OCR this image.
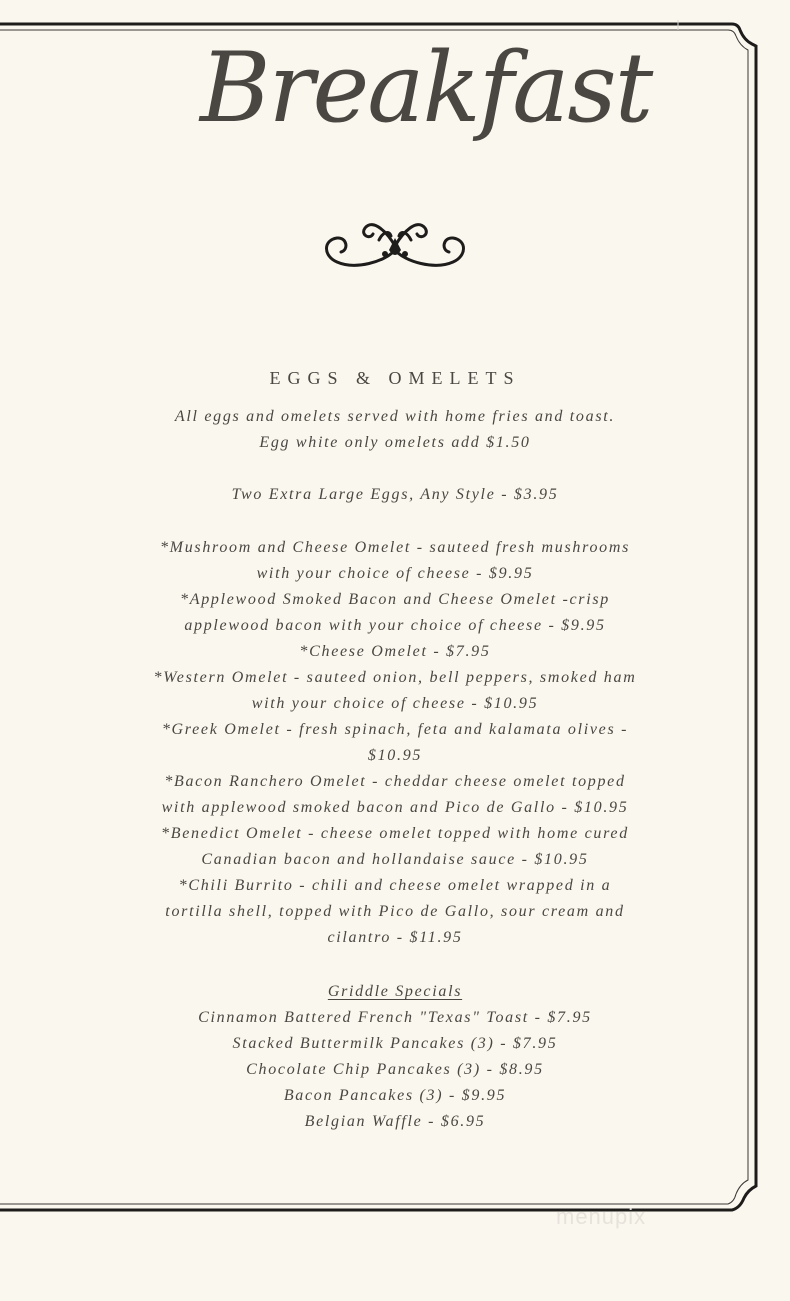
Breakfast
EGGS & OMELETS

All eggs and omelets served with home fries and toast.

Egg white only omelets add $1.50

Two Extra Large Eggs, Any Style - $3.95

*Mushroom and Cheese Omelet - sauteed fresh mushrooms

with your choice of cheese - $9.95

*Applewood Smoked Bacon and Cheese Omelet -crisp

applewood bacon with your choice of cheese - $9.95

*Cheese Omelet - $7.95

*Western Omelet - sauteed onion, bell peppers, smoked ham

with your choice of cheese - $10.95

*Greek Omelet - fresh spinach, feta and kalamata olives -

$10.95

*Bacon Ranchero Omelet - cheddar cheese omelet topped

with applewood smoked bacon and Pico de Gallo - $10.95

*Benedict Omelet - cheese omelet topped with home cured

Canadian bacon and hollandaise sauce - $10.95

*Chili Burrito - chili and cheese omelet wrapped in a

tortilla shell, topped with Pico de Gallo, sour cream and

cilantro - $11.95

Griddle Specials

Cinnamon Battered French "Texas" Toast - $7.95

Stacked Buttermilk Pancakes (3) - $7.95

Chocolate Chip Pancakes (3) - $8.95

Bacon Pancakes (3) - $9.95

Belgian Waffle - $6.95

menupix
